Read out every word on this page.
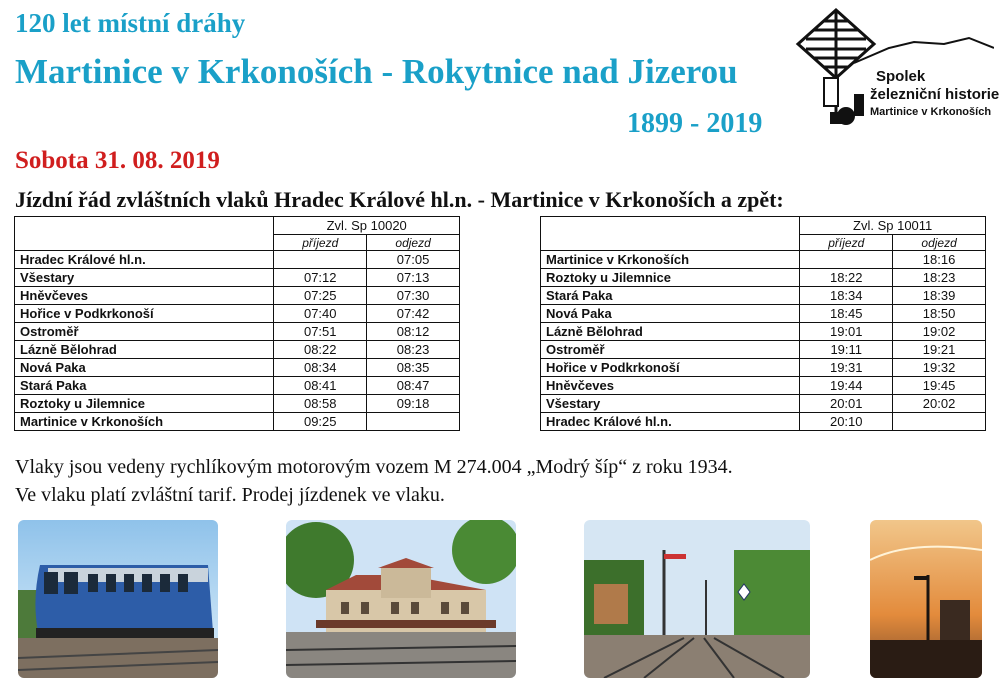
120 let místní dráhy
Martinice v Krkonoších - Rokytnice nad Jizerou
1899 - 2019
Sobota 31. 08. 2019
Jízdní řád zvláštních vlaků Hradec Králové hl.n. - Martinice v Krkonoších a zpět:
Spolek
železniční historie
Martinice v Krkonoších
	Zvl. Sp 10020	
	příjezd	odjezd
Hradec Králové hl.n.		07:05
Všestary	07:12	07:13
Hněvčeves	07:25	07:30
Hořice v Podkrkonoší	07:40	07:42
Ostroměř	07:51	08:12
Lázně Bělohrad	08:22	08:23
Nová Paka	08:34	08:35
Stará Paka	08:41	08:47
Roztoky u Jilemnice	08:58	09:18
Martinice v Krkonoších	09:25	
	Zvl. Sp 10011	
	příjezd	odjezd
Martinice v Krkonoších		18:16
Roztoky u Jilemnice	18:22	18:23
Stará Paka	18:34	18:39
Nová Paka	18:45	18:50
Lázně Bělohrad	19:01	19:02
Ostroměř	19:11	19:21
Hořice v Podkrkonoší	19:31	19:32
Hněvčeves	19:44	19:45
Všestary	20:01	20:02
Hradec Králové hl.n.	20:10	
Vlaky jsou vedeny rychlíkovým motorovým vozem M 274.004 „Modrý šíp“ z roku 1934.
Ve vlaku platí zvláštní tarif. Prodej jízdenek ve vlaku.
